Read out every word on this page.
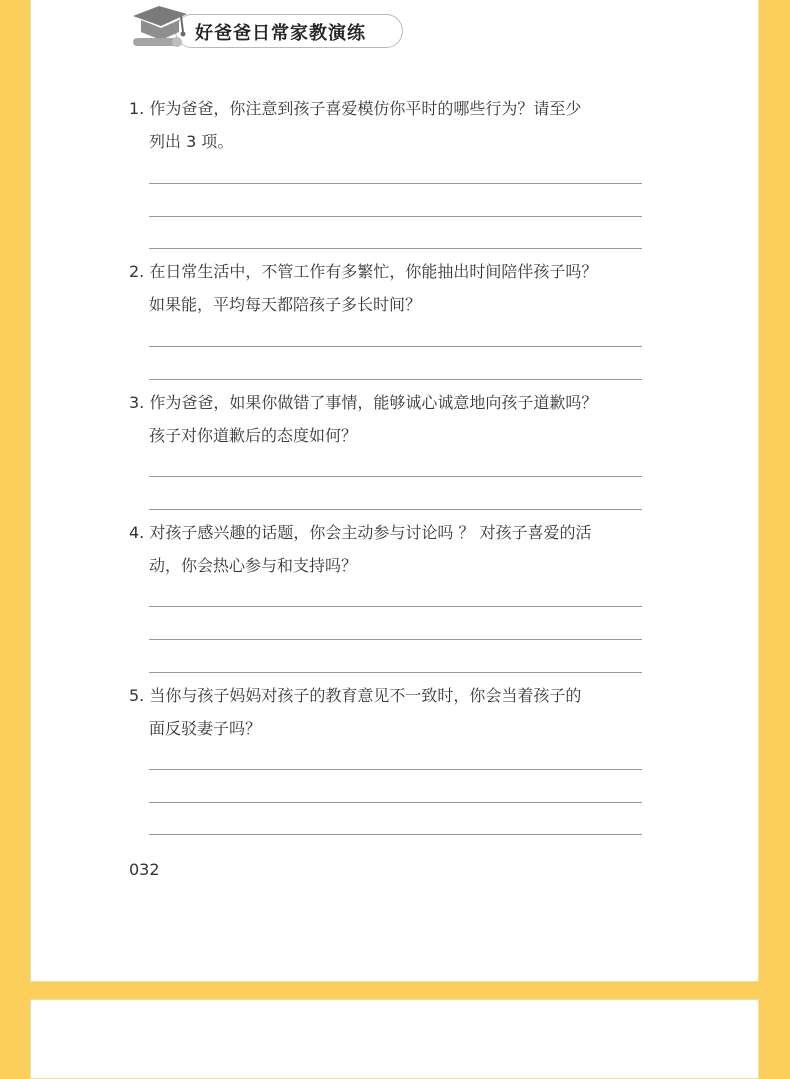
好爸爸日常家教演练
1. 作为爸爸，你注意到孩子喜爱模仿你平时的哪些行为？请至少
列出 3 项。
2. 在日常生活中，不管工作有多繁忙，你能抽出时间陪伴孩子吗？
如果能，平均每天都陪孩子多长时间？
3. 作为爸爸，如果你做错了事情，能够诚心诚意地向孩子道歉吗？
孩子对你道歉后的态度如何？
4. 对孩子感兴趣的话题，你会主动参与讨论吗 ？ 对孩子喜爱的活
动，你会热心参与和支持吗？
5. 当你与孩子妈妈对孩子的教育意见不一致时，你会当着孩子的
面反驳妻子吗？
032
